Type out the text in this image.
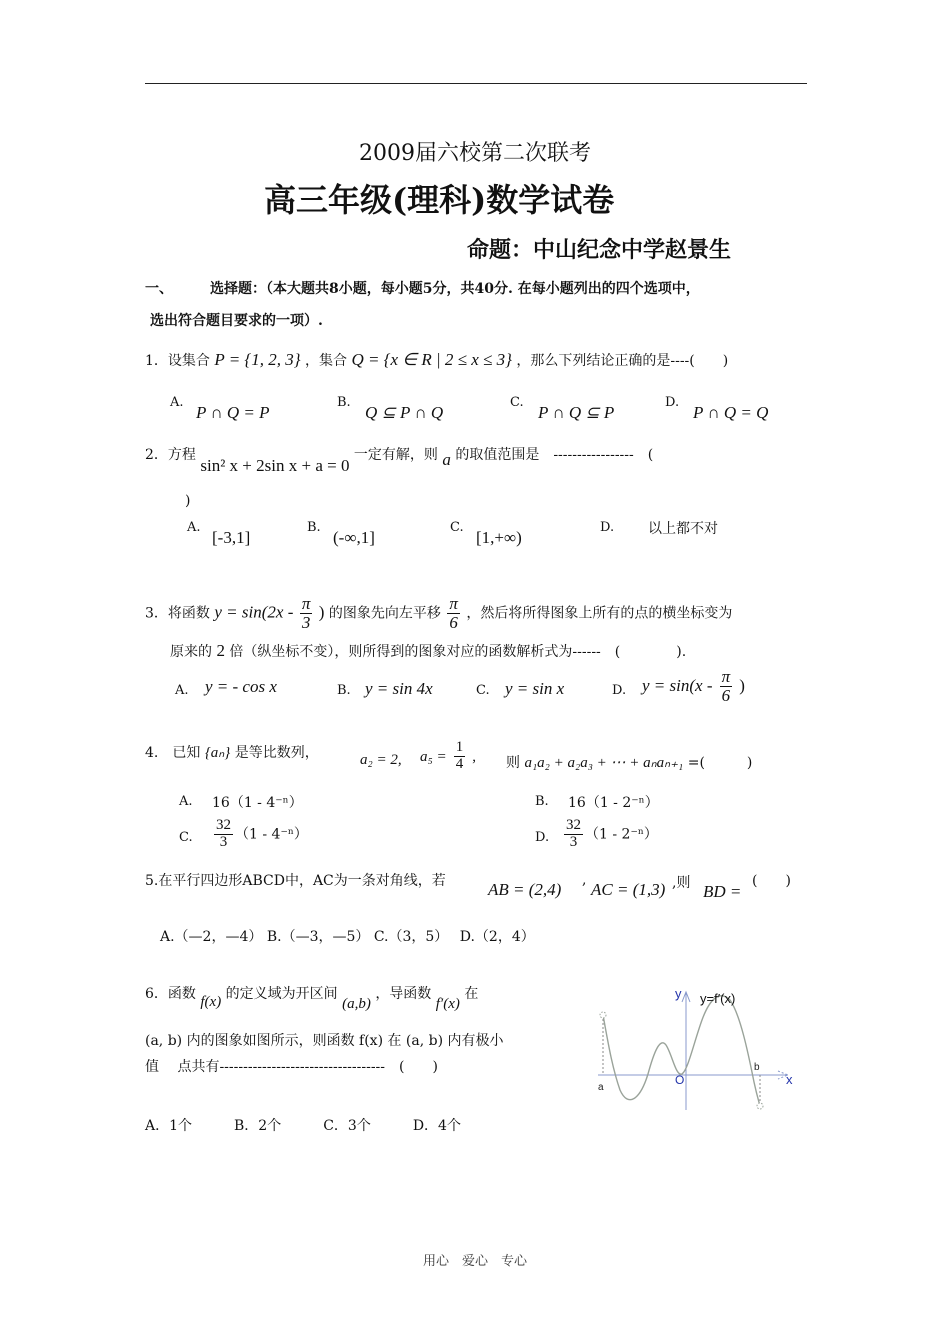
2009届六校第二次联考
高三年级(理科)数学试卷
命题：中山纪念中学赵景生
一、	选择题：（本大题共8小题，每小题5分，共40分. 在每小题列出的四个选项中，
选出符合题目要求的一项）.
1．设集合 P = {1, 2, 3} ，集合 Q = {x ∈ R | 2 ≤ x ≤ 3} ，那么下列结论正确的是----(　　)
A.
P ∩ Q = P
B.
Q ⊆ P ∩ Q
C.
P ∩ Q ⊆ P
D.
P ∩ Q = Q
2．方程 sin² x + 2sin x + a = 0 一定有解，则 a 的取值范围是　-----------------　(
)
A.
[-3,1]
B.
(-∞,1]
C.
[1,+∞)
D. 以上都不对
3．将函数 $y = \sin(2x - \frac{\pi}{3}$ ) 的图象先向左平移 $\frac{\pi}{6}$ ，然后将所得图象上所有的点的横坐标变为
原来的 2 倍（纵坐标不变），则所得到的图象对应的函数解析式为------　(　　　　).
A. y = - cos x	B. y = sin 4x	C. y = sin x	D. $y = \sin(x - \frac{\pi}{6}$ )
4.　已知 {aₙ} 是等比数列，	a₂ = 2, $a_5 = \frac{1}{4}$ , 则 a₁a₂ + a₂a₃ + ⋯ + aₙaₙ₊₁ =(　　　)
A. 16（1 - 4⁻ⁿ）	B. 16（1 - 2⁻ⁿ）
C. $\frac{32}{3} (1 - 4^{-n})$	D. $\frac{32}{3} (1 - 2^{-n})$
5.在平行四边形ABCD中，AC为一条对角线，若 AB = (2,4) , AC = (1,3) ,则 BD =
(　　)
A.（—2，—4） B.（—3，—5） C.（3，5）　 D.（2，4）
6．函数 f(x) 的定义域为开区间 (a,b) ，导函数 f′(x) 在
(a, b) 内的图象如图所示，则函数 f(x) 在 (a, b) 内有极小
值　 点共有-----------------------------------　(　　)
A．1个　　　B．2个　　　C．3个　　　D．4个
y y=f′(x)
a
O
b
x
用心　爱心　专心
